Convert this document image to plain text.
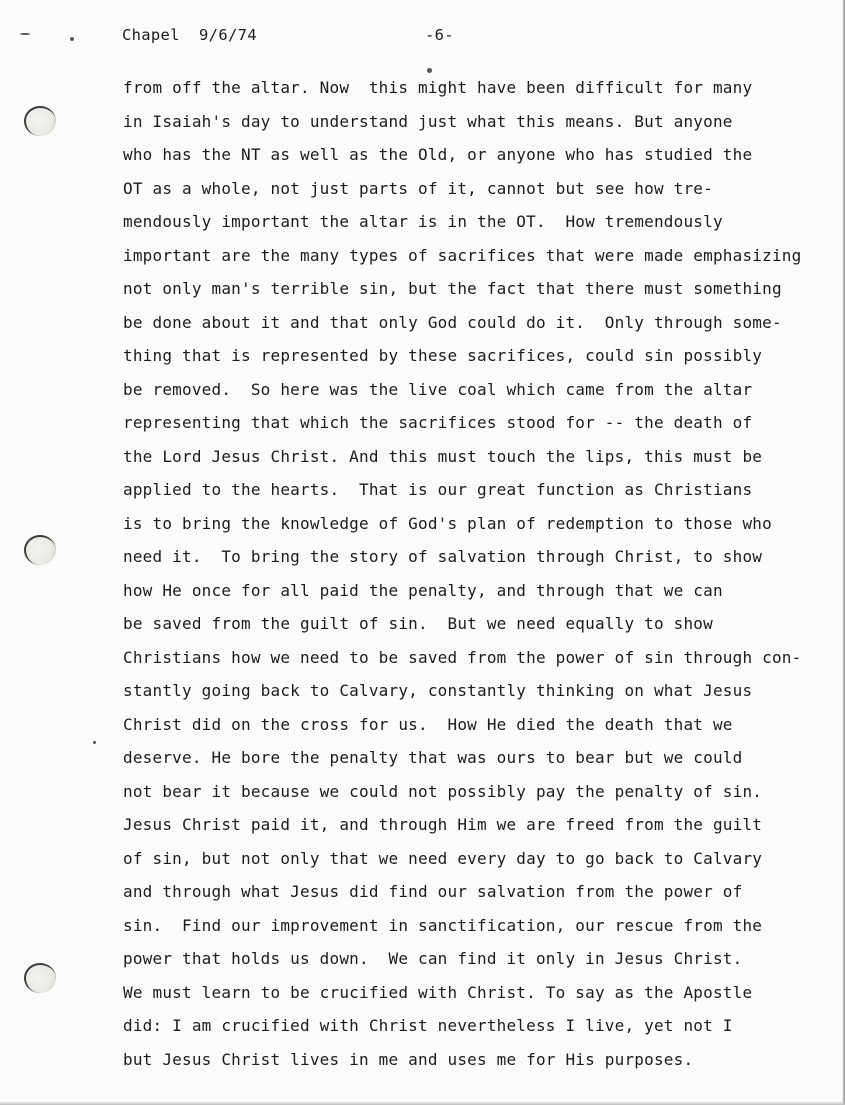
Chapel  9/6/74	-6-
from off the altar. Now  this might have been difficult for many
in Isaiah's day to understand just what this means. But anyone
who has the NT as well as the Old, or anyone who has studied the
OT as a whole, not just parts of it, cannot but see how tre-
mendously important the altar is in the OT.  How tremendously
important are the many types of sacrifices that were made emphasizing
not only man's terrible sin, but the fact that there must something
be done about it and that only God could do it.  Only through some-
thing that is represented by these sacrifices, could sin possibly
be removed.  So here was the live coal which came from the altar
representing that which the sacrifices stood for -- the death of
the Lord Jesus Christ. And this must touch the lips, this must be
applied to the hearts.  That is our great function as Christians
is to bring the knowledge of God's plan of redemption to those who
need it.  To bring the story of salvation through Christ, to show
how He once for all paid the penalty, and through that we can
be saved from the guilt of sin.  But we need equally to show
Christians how we need to be saved from the power of sin through con-
stantly going back to Calvary, constantly thinking on what Jesus
Christ did on the cross for us.  How He died the death that we
deserve. He bore the penalty that was ours to bear but we could
not bear it because we could not possibly pay the penalty of sin.
Jesus Christ paid it, and through Him we are freed from the guilt
of sin, but not only that we need every day to go back to Calvary
and through what Jesus did find our salvation from the power of
sin.  Find our improvement in sanctification, our rescue from the
power that holds us down.  We can find it only in Jesus Christ.
We must learn to be crucified with Christ. To say as the Apostle
did: I am crucified with Christ nevertheless I live, yet not I
but Jesus Christ lives in me and uses me for His purposes.
